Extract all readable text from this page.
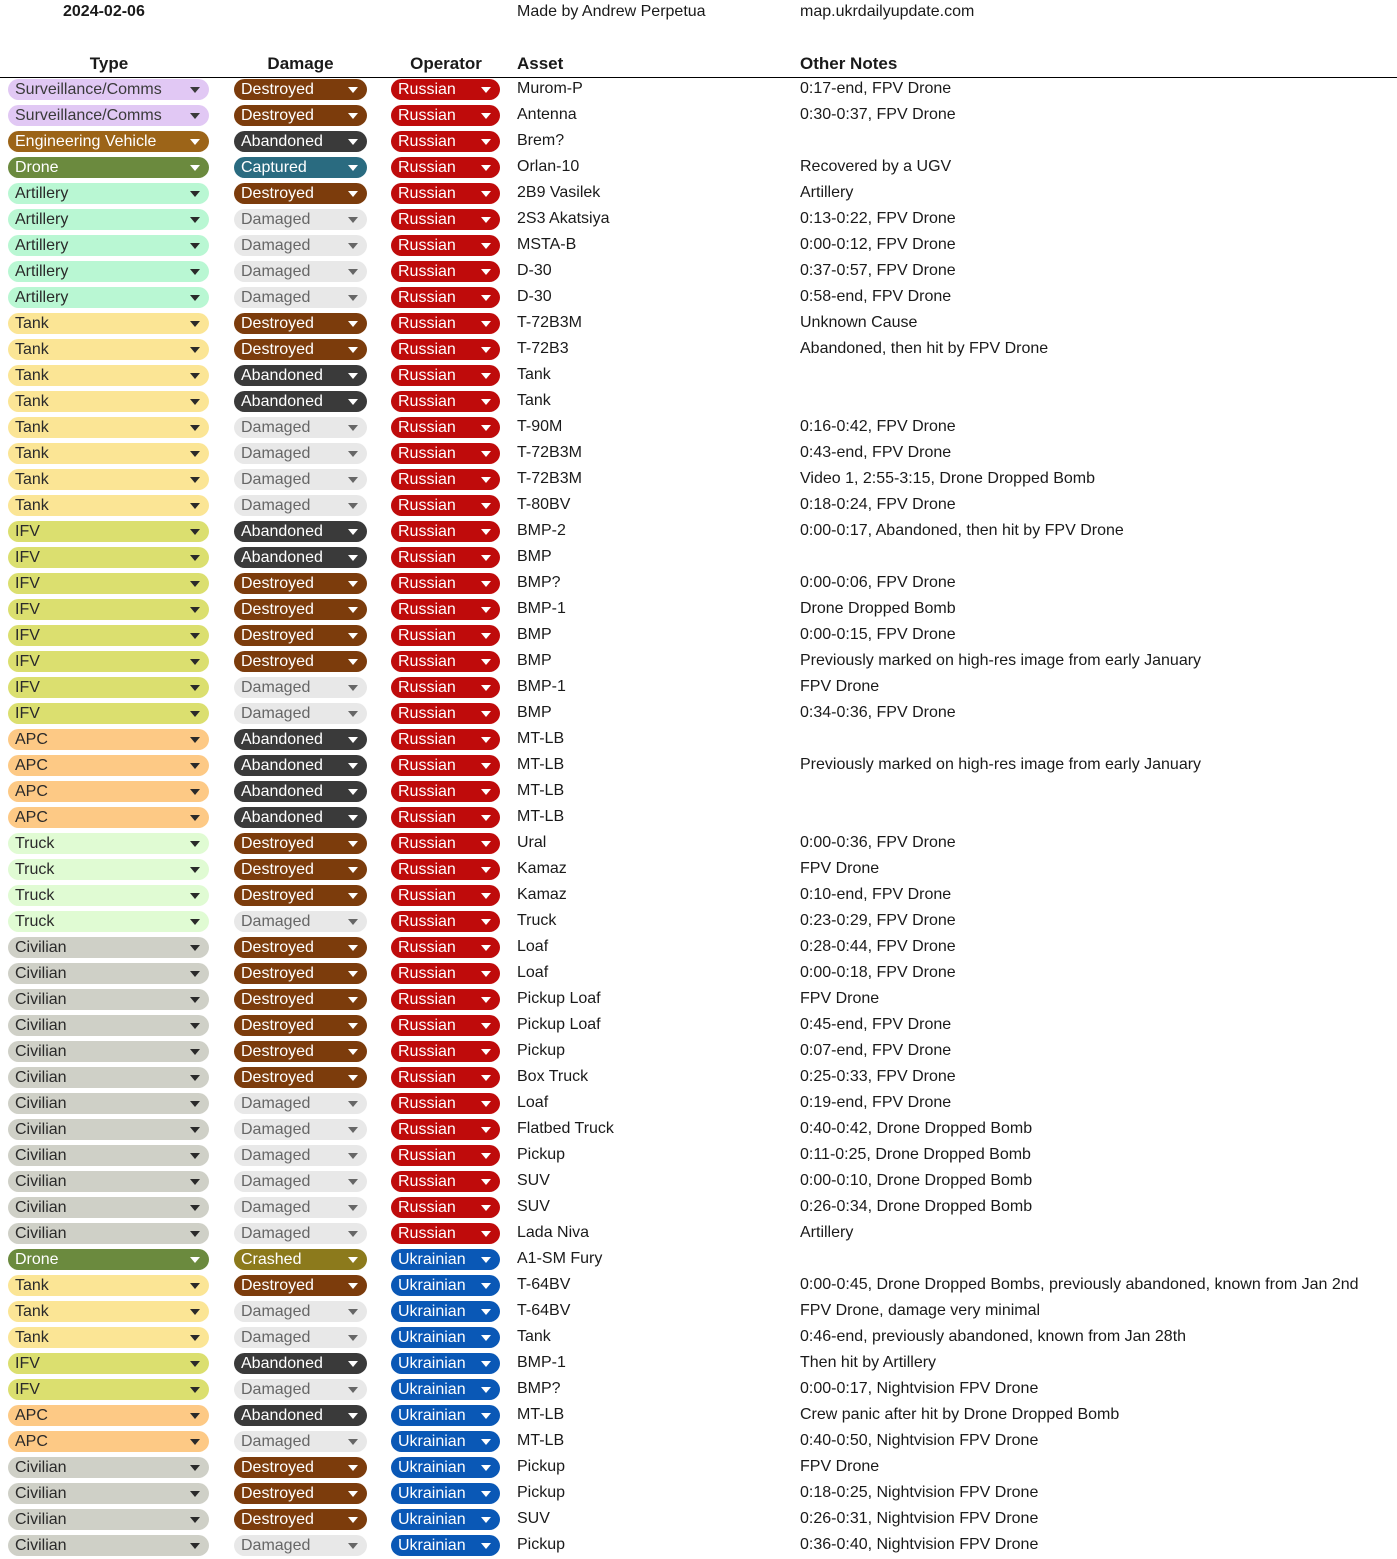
2024-02-06	Made by Andrew Perpetua	map.ukrdailyupdate.com
Type	Damage	Operator	Asset	Other Notes
Surveillance/Comms	Destroyed	Russian	Murom-P	0:17-end, FPV Drone
Surveillance/Comms	Destroyed	Russian	Antenna	0:30-0:37, FPV Drone
Engineering Vehicle	Abandoned	Russian	Brem?
Drone	Captured	Russian	Orlan-10	Recovered by a UGV
Artillery	Destroyed	Russian	2B9 Vasilek	Artillery
Artillery	Damaged	Russian	2S3 Akatsiya	0:13-0:22, FPV Drone
Artillery	Damaged	Russian	MSTA-B	0:00-0:12, FPV Drone
Artillery	Damaged	Russian	D-30	0:37-0:57, FPV Drone
Artillery	Damaged	Russian	D-30	0:58-end, FPV Drone
Tank	Destroyed	Russian	T-72B3M	Unknown Cause
Tank	Destroyed	Russian	T-72B3	Abandoned, then hit by FPV Drone
Tank	Abandoned	Russian	Tank
Tank	Abandoned	Russian	Tank
Tank	Damaged	Russian	T-90M	0:16-0:42, FPV Drone
Tank	Damaged	Russian	T-72B3M	0:43-end, FPV Drone
Tank	Damaged	Russian	T-72B3M	Video 1, 2:55-3:15, Drone Dropped Bomb
Tank	Damaged	Russian	T-80BV	0:18-0:24, FPV Drone
IFV	Abandoned	Russian	BMP-2	0:00-0:17, Abandoned, then hit by FPV Drone
IFV	Abandoned	Russian	BMP
IFV	Destroyed	Russian	BMP?	0:00-0:06, FPV Drone
IFV	Destroyed	Russian	BMP-1	Drone Dropped Bomb
IFV	Destroyed	Russian	BMP	0:00-0:15, FPV Drone
IFV	Destroyed	Russian	BMP	Previously marked on high-res image from early January
IFV	Damaged	Russian	BMP-1	FPV Drone
IFV	Damaged	Russian	BMP	0:34-0:36, FPV Drone
APC	Abandoned	Russian	MT-LB
APC	Abandoned	Russian	MT-LB	Previously marked on high-res image from early January
APC	Abandoned	Russian	MT-LB
APC	Abandoned	Russian	MT-LB
Truck	Destroyed	Russian	Ural	0:00-0:36, FPV Drone
Truck	Destroyed	Russian	Kamaz	FPV Drone
Truck	Destroyed	Russian	Kamaz	0:10-end, FPV Drone
Truck	Damaged	Russian	Truck	0:23-0:29, FPV Drone
Civilian	Destroyed	Russian	Loaf	0:28-0:44, FPV Drone
Civilian	Destroyed	Russian	Loaf	0:00-0:18, FPV Drone
Civilian	Destroyed	Russian	Pickup Loaf	FPV Drone
Civilian	Destroyed	Russian	Pickup Loaf	0:45-end, FPV Drone
Civilian	Destroyed	Russian	Pickup	0:07-end, FPV Drone
Civilian	Destroyed	Russian	Box Truck	0:25-0:33, FPV Drone
Civilian	Damaged	Russian	Loaf	0:19-end, FPV Drone
Civilian	Damaged	Russian	Flatbed Truck	0:40-0:42, Drone Dropped Bomb
Civilian	Damaged	Russian	Pickup	0:11-0:25, Drone Dropped Bomb
Civilian	Damaged	Russian	SUV	0:00-0:10, Drone Dropped Bomb
Civilian	Damaged	Russian	SUV	0:26-0:34, Drone Dropped Bomb
Civilian	Damaged	Russian	Lada Niva	Artillery
Drone	Crashed	Ukrainian	A1-SM Fury
Tank	Destroyed	Ukrainian	T-64BV	0:00-0:45, Drone Dropped Bombs, previously abandoned, known from Jan 2nd
Tank	Damaged	Ukrainian	T-64BV	FPV Drone, damage very minimal
Tank	Damaged	Ukrainian	Tank	0:46-end, previously abandoned, known from Jan 28th
IFV	Abandoned	Ukrainian	BMP-1	Then hit by Artillery
IFV	Damaged	Ukrainian	BMP?	0:00-0:17, Nightvision FPV Drone
APC	Abandoned	Ukrainian	MT-LB	Crew panic after hit by Drone Dropped Bomb
APC	Damaged	Ukrainian	MT-LB	0:40-0:50, Nightvision FPV Drone
Civilian	Destroyed	Ukrainian	Pickup	FPV Drone
Civilian	Destroyed	Ukrainian	Pickup	0:18-0:25, Nightvision FPV Drone
Civilian	Destroyed	Ukrainian	SUV	0:26-0:31, Nightvision FPV Drone
Civilian	Damaged	Ukrainian	Pickup	0:36-0:40, Nightvision FPV Drone
